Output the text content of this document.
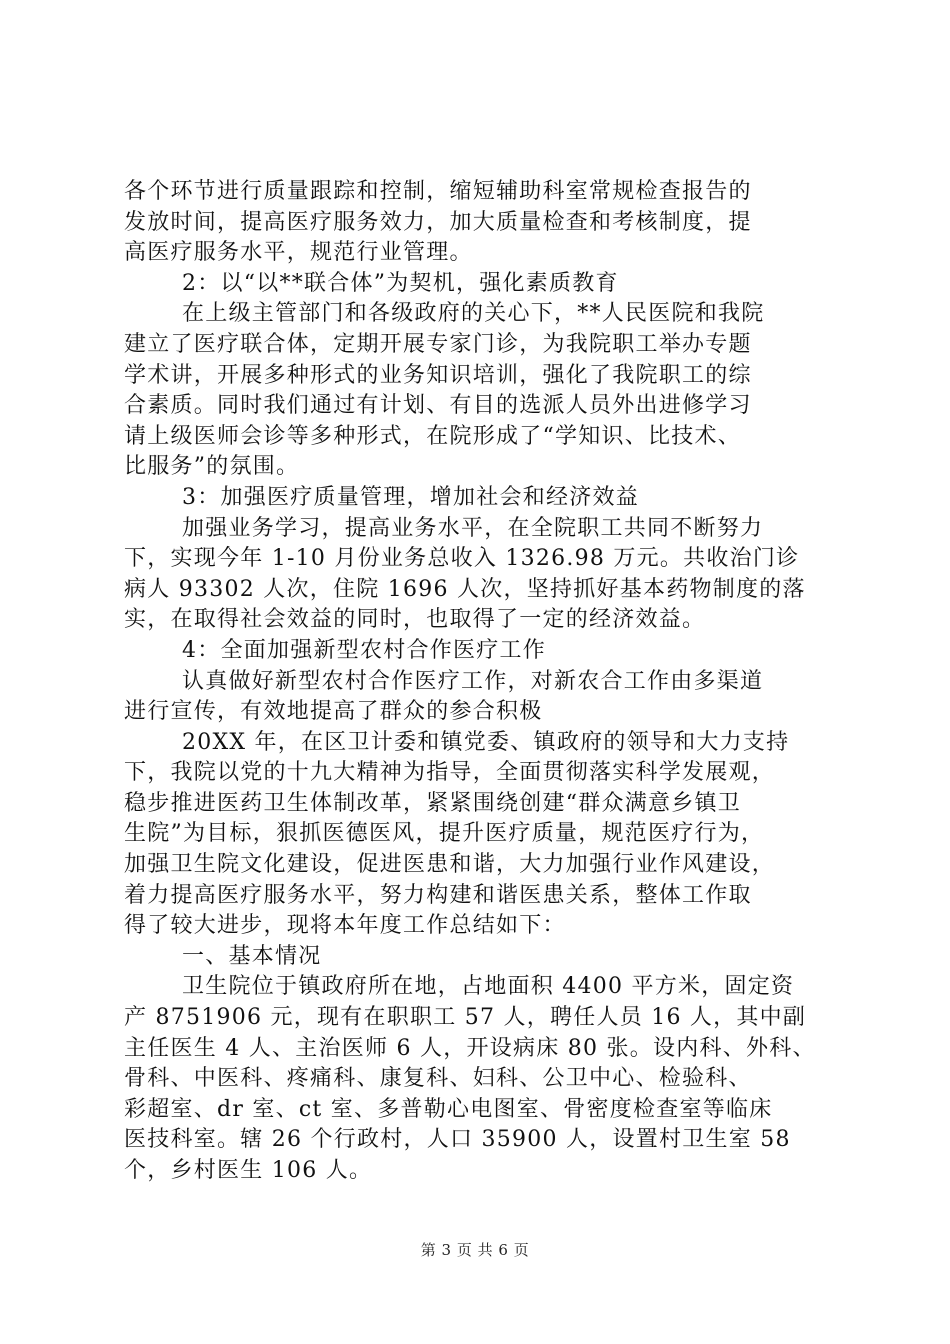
各个环节进行质量跟踪和控制，缩短辅助科室常规检查报告的
发放时间，提高医疗服务效力，加大质量检查和考核制度，提
高医疗服务水平，规范行业管理。
2：以“以**联合体”为契机，强化素质教育
在上级主管部门和各级政府的关心下，**人民医院和我院
建立了医疗联合体，定期开展专家门诊，为我院职工举办专题
学术讲，开展多种形式的业务知识培训，强化了我院职工的综
合素质。同时我们通过有计划、有目的选派人员外出进修学习
请上级医师会诊等多种形式，在院形成了“学知识、比技术、
比服务”的氛围。
3：加强医疗质量管理，增加社会和经济效益
加强业务学习，提高业务水平，在全院职工共同不断努力
下，实现今年 1-10 月份业务总收入 1326.98 万元。共收治门诊
病人 93302 人次，住院 1696 人次，坚持抓好基本药物制度的落
实，在取得社会效益的同时，也取得了一定的经济效益。
4：全面加强新型农村合作医疗工作
认真做好新型农村合作医疗工作，对新农合工作由多渠道
进行宣传，有效地提高了群众的参合积极
20XX 年，在区卫计委和镇党委、镇政府的领导和大力支持
下，我院以党的十九大精神为指导，全面贯彻落实科学发展观，
稳步推进医药卫生体制改革，紧紧围绕创建“群众满意乡镇卫
生院”为目标，狠抓医德医风，提升医疗质量，规范医疗行为，
加强卫生院文化建设，促进医患和谐，大力加强行业作风建设，
着力提高医疗服务水平，努力构建和谐医患关系，整体工作取
得了较大进步，现将本年度工作总结如下：
一、基本情况
卫生院位于镇政府所在地，占地面积 4400 平方米，固定资
产 8751906 元，现有在职职工 57 人，聘任人员 16 人，其中副
主任医生 4 人、主治医师 6 人，开设病床 80 张。设内科、外科、
骨科、中医科、疼痛科、康复科、妇科、公卫中心、检验科、
彩超室、dr 室、ct 室、多普勒心电图室、骨密度检查室等临床
医技科室。辖 26 个行政村，人口 35900 人，设置村卫生室 58
个，乡村医生 106 人。
第 3 页 共 6 页
